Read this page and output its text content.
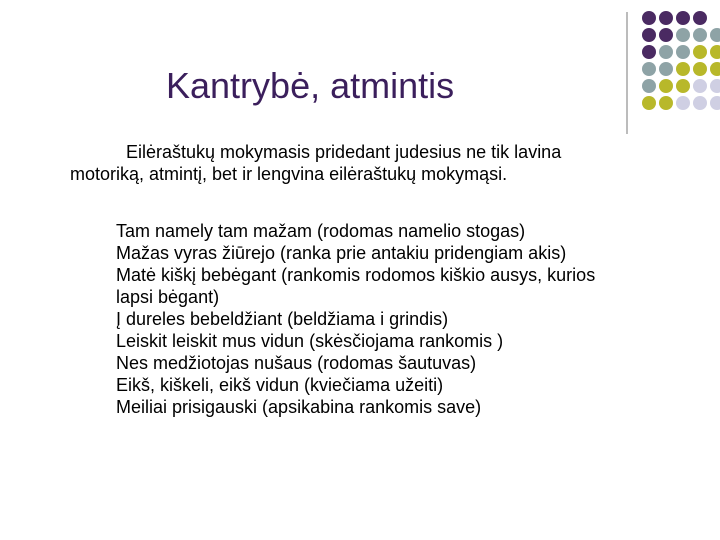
Kantrybė, atmintis

Eilėraštukų mokymasis pridedant judesius ne tik lavina

motoriką, atmintį, bet ir lengvina eilėraštukų mokymąsi.

Tam namely tam mažam (rodomas namelio stogas)
Mažas vyras žiūrejo (ranka prie antakiu pridengiam akis)
Matė kiškį bebėgant (rankomis rodomos kiškio ausys, kurios
lapsi bėgant)
Į dureles bebeldžiant (beldžiama i grindis)
Leiskit leiskit mus vidun (skėsčiojama rankomis )
Nes medžiotojas nušaus (rodomas šautuvas)
Eikš, kiškeli, eikš vidun (kviečiama užeiti)
Meiliai prisigauski (apsikabina rankomis save)
